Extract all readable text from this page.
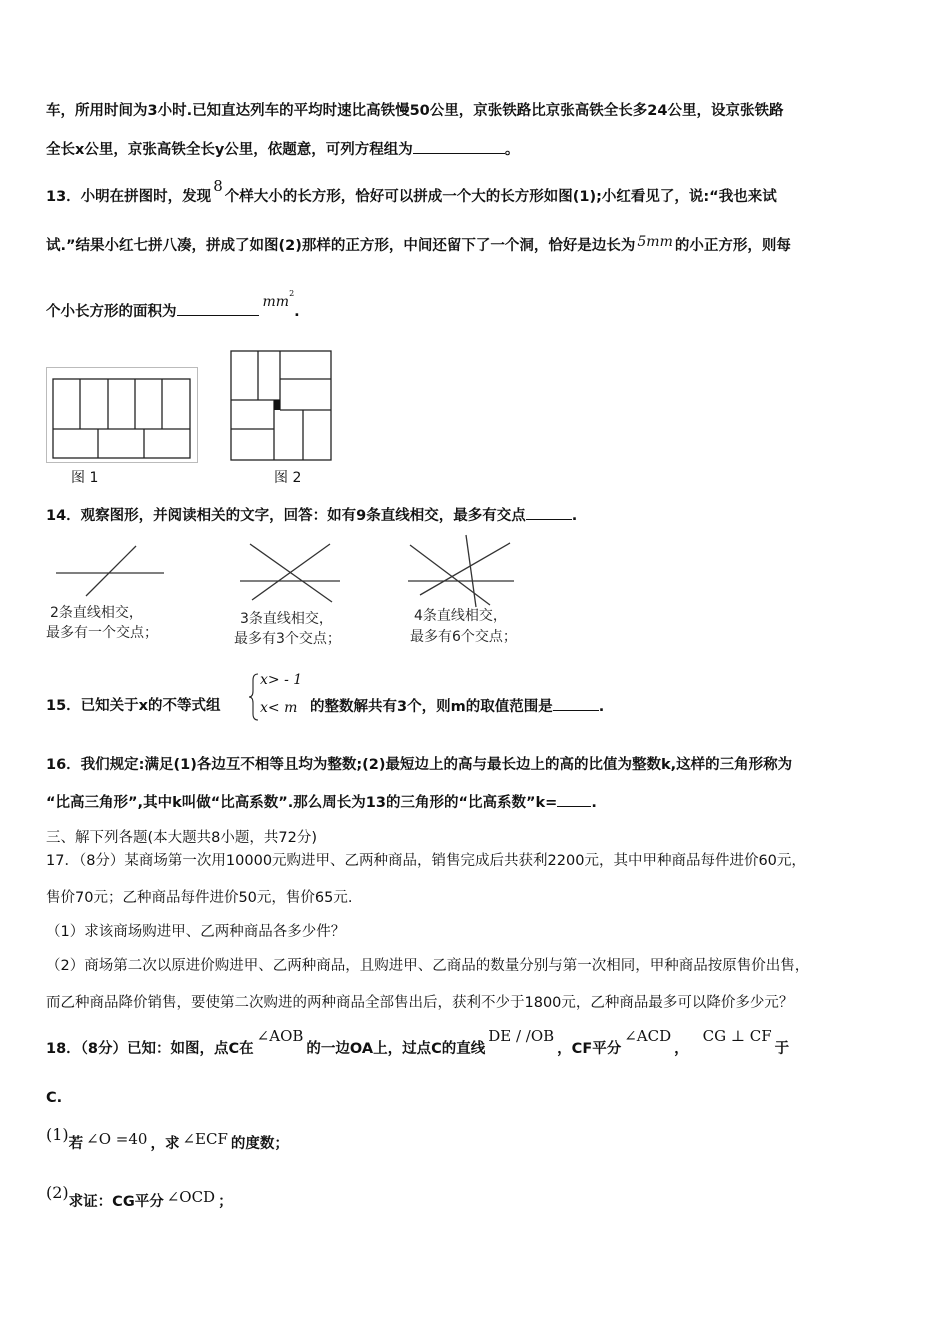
车，所用时间为3小时.已知直达列车的平均时速比高铁慢50公里，京张铁路比京张高铁全长多24公里，设京张铁路
全长x公里，京张高铁全长y公里，依题意，可列方程组为	。
13．小明在拼图时，发现8个样大小的长方形，恰好可以拼成一个大的长方形如图(1);小红看见了，说:“我也来试
试.”结果小红七拼八凑，拼成了如图(2)那样的正方形，中间还留下了一个洞，恰好是边长为 5mm 的小正方形，则每
个小长方形的面积为$mm^2$.
图 1	图 2
14．观察图形，并阅读相关的文字，回答：如有9条直线相交，最多有交点	.
2条直线相交，
最多有一个交点；
3条直线相交，
最多有3个交点；
4条直线相交，
最多有6个交点；
15．已知关于x的不等式组
x> - 1
x< m 的整数解共有3个，则m的取值范围是	.
16．我们规定:满足(1)各边互不相等且均为整数;(2)最短边上的高与最长边上的高的比值为整数k,这样的三角形称为
“比高三角形”,其中k叫做“比高系数”.那么周长为13的三角形的“比高系数”k= .
三、解下列各题(本大题共8小题，共72分)
17．（8分）某商场第一次用10000元购进甲、乙两种商品，销售完成后共获利2200元，其中甲种商品每件进价60元，
售价70元；乙种商品每件进价50元，售价65元.
（1）求该商场购进甲、乙两种商品各多少件？
（2）商场第二次以原进价购进甲、乙两种商品，且购进甲、乙商品的数量分别与第一次相同，甲种商品按原售价出售，
而乙种商品降价销售，要使第二次购进的两种商品全部售出后，获利不少于1800元，乙种商品最多可以降价多少元？
18．（8分）已知：如图，点C在∠AOB的一边OA上，过点C的直线DE / /OB，CF平分∠ACD，CG ⊥ CF于
C.
(1)若 ∠O =40 ，求 ∠ECF 的度数；
(2)求证：CG平分 ∠OCD ；
